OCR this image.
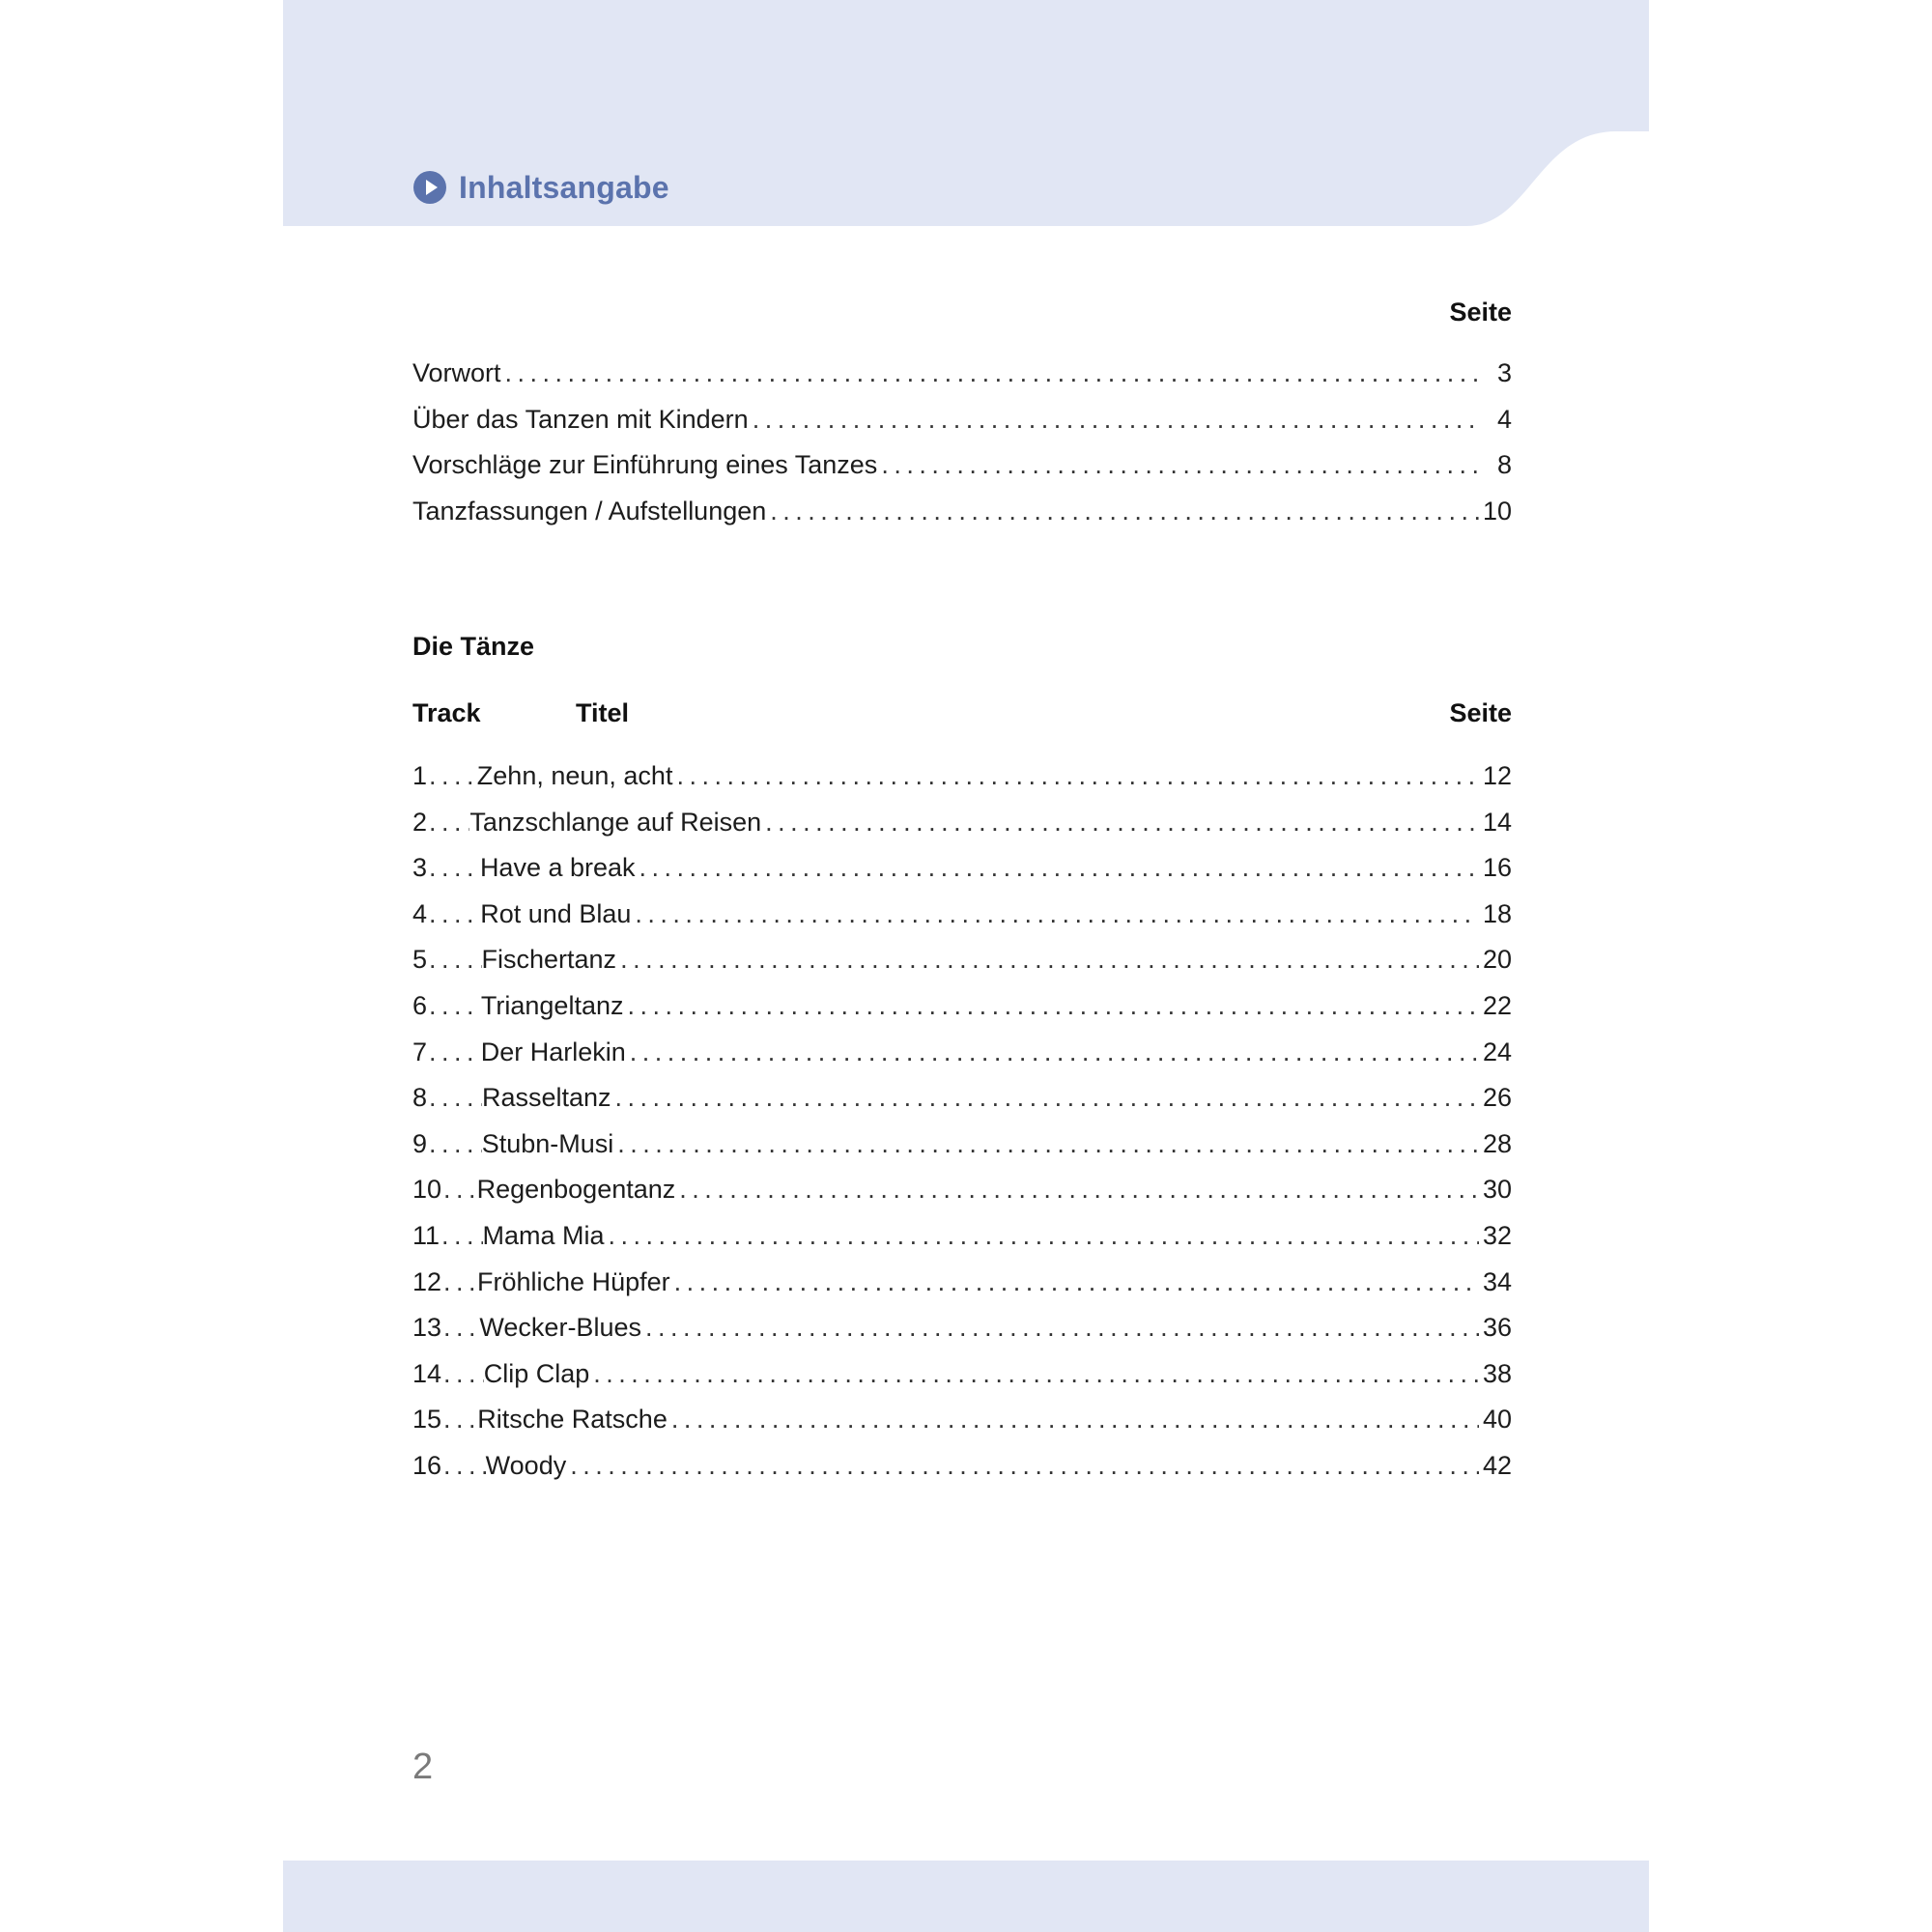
Inhaltsangabe
Seite
Vorwort . . .	3
Über das Tanzen mit Kindern . . .	4
Vorschläge zur Einführung eines Tanzes . . .	8
Tanzfassungen / Aufstellungen . . .	10
Die Tänze
Track	Titel	Seite
1 . . . Zehn, neun, acht . . .	12
2 . . . Tanzschlange auf Reisen . . .	14
3 . . . Have a break . . .	16
4 . . . Rot und Blau . . .	18
5 . . . Fischertanz . . .	20
6 . . . Triangeltanz . . .	22
7 . . . Der Harlekin . . .	24
8 . . . Rasseltanz . . .	26
9 . . . Stubn-Musi . . .	28
10 . . . Regenbogentanz . . .	30
11 . . . Mama Mia . . .	32
12 . . . Fröhliche Hüpfer . . .	34
13 . . . Wecker-Blues . . .	36
14 . . . Clip Clap . . .	38
15 . . . Ritsche Ratsche . . .	40
16 . . . Woody . . .	42
2
